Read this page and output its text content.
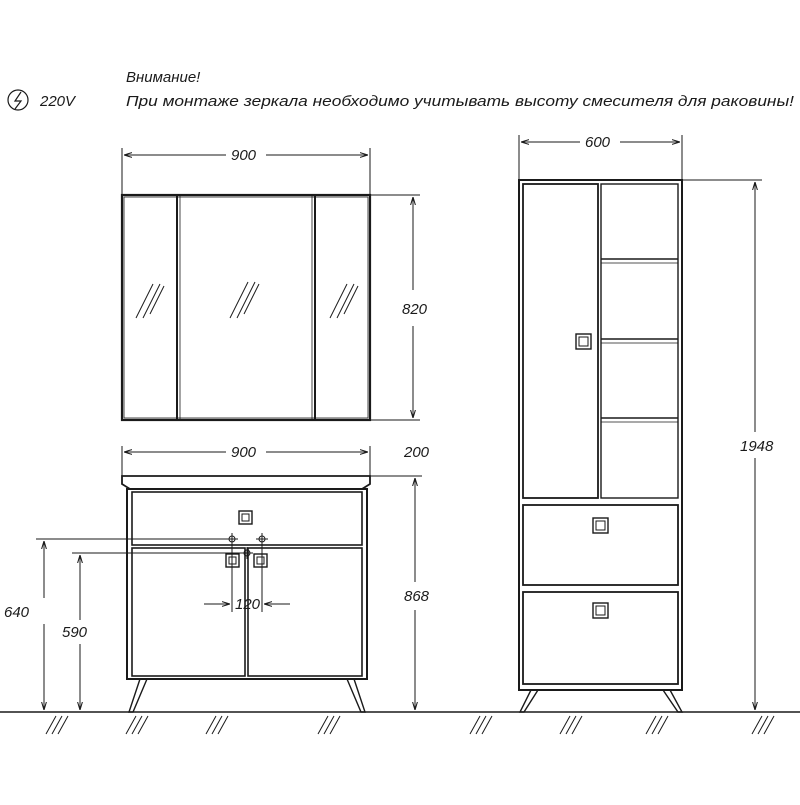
220V
Внимание!
При монтаже зеркала необходимо учитывать высоту смесителя для раковины!
900
820
900	200
868
640
590
120
600
1948
